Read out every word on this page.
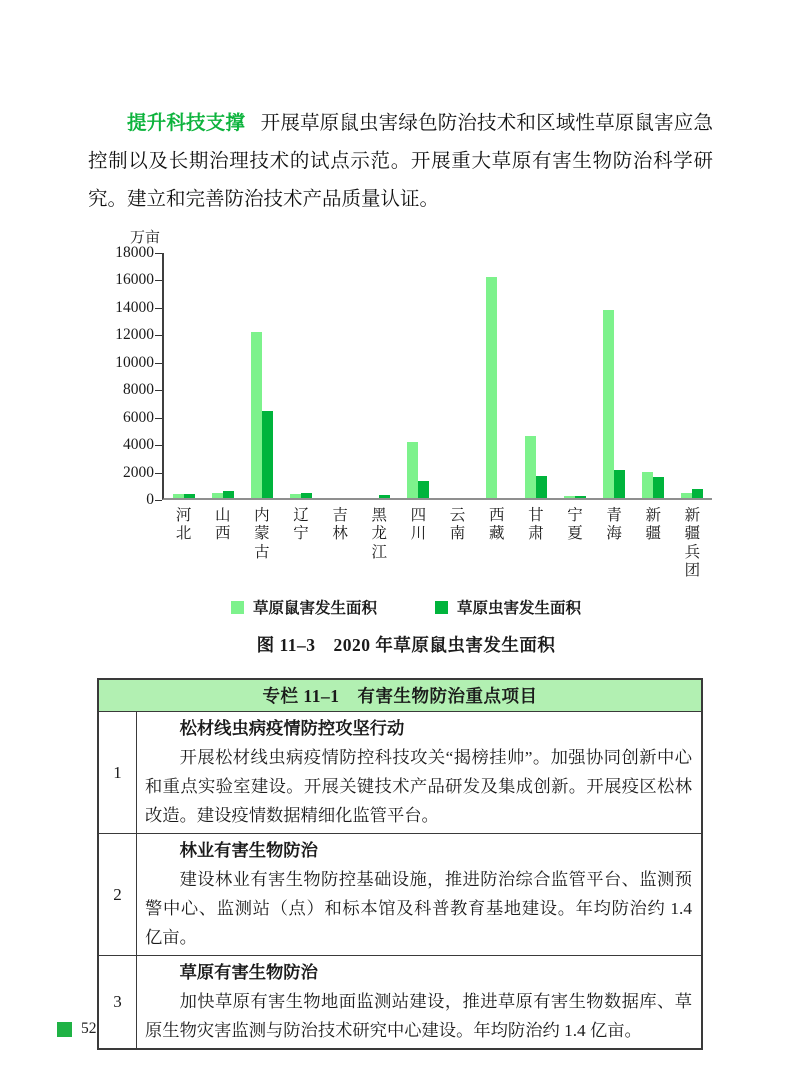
提升科技支撑 开展草原鼠虫害绿色防治技术和区域性草原鼠害应急控制以及长期治理技术的试点示范。开展重大草原有害生物防治科学研究。建立和完善防治技术产品质量认证。
万亩
18000
16000
14000
12000
10000
8000
6000
4000
2000
0
河北
山西
内蒙古
辽宁
吉林
黑龙江
四川
云南
西藏
甘肃
宁夏
青海
新疆
新疆兵团
草原鼠害发生面积	草原虫害发生面积
图 11–3　2020 年草原鼠虫害发生面积
专栏 11–1　有害生物防治重点项目
1
松材线虫病疫情防控攻坚行动
开展松材线虫病疫情防控科技攻关“揭榜挂帅”。加强协同创新中心和重点实验室建设。开展关键技术产品研发及集成创新。开展疫区松林改造。建设疫情数据精细化监管平台。
2
林业有害生物防治
建设林业有害生物防控基础设施，推进防治综合监管平台、监测预警中心、监测站（点）和标本馆及科普教育基地建设。年均防治约 1.4 亿亩。
3
草原有害生物防治
加快草原有害生物地面监测站建设，推进草原有害生物数据库、草原生物灾害监测与防治技术研究中心建设。年均防治约 1.4 亿亩。
52
